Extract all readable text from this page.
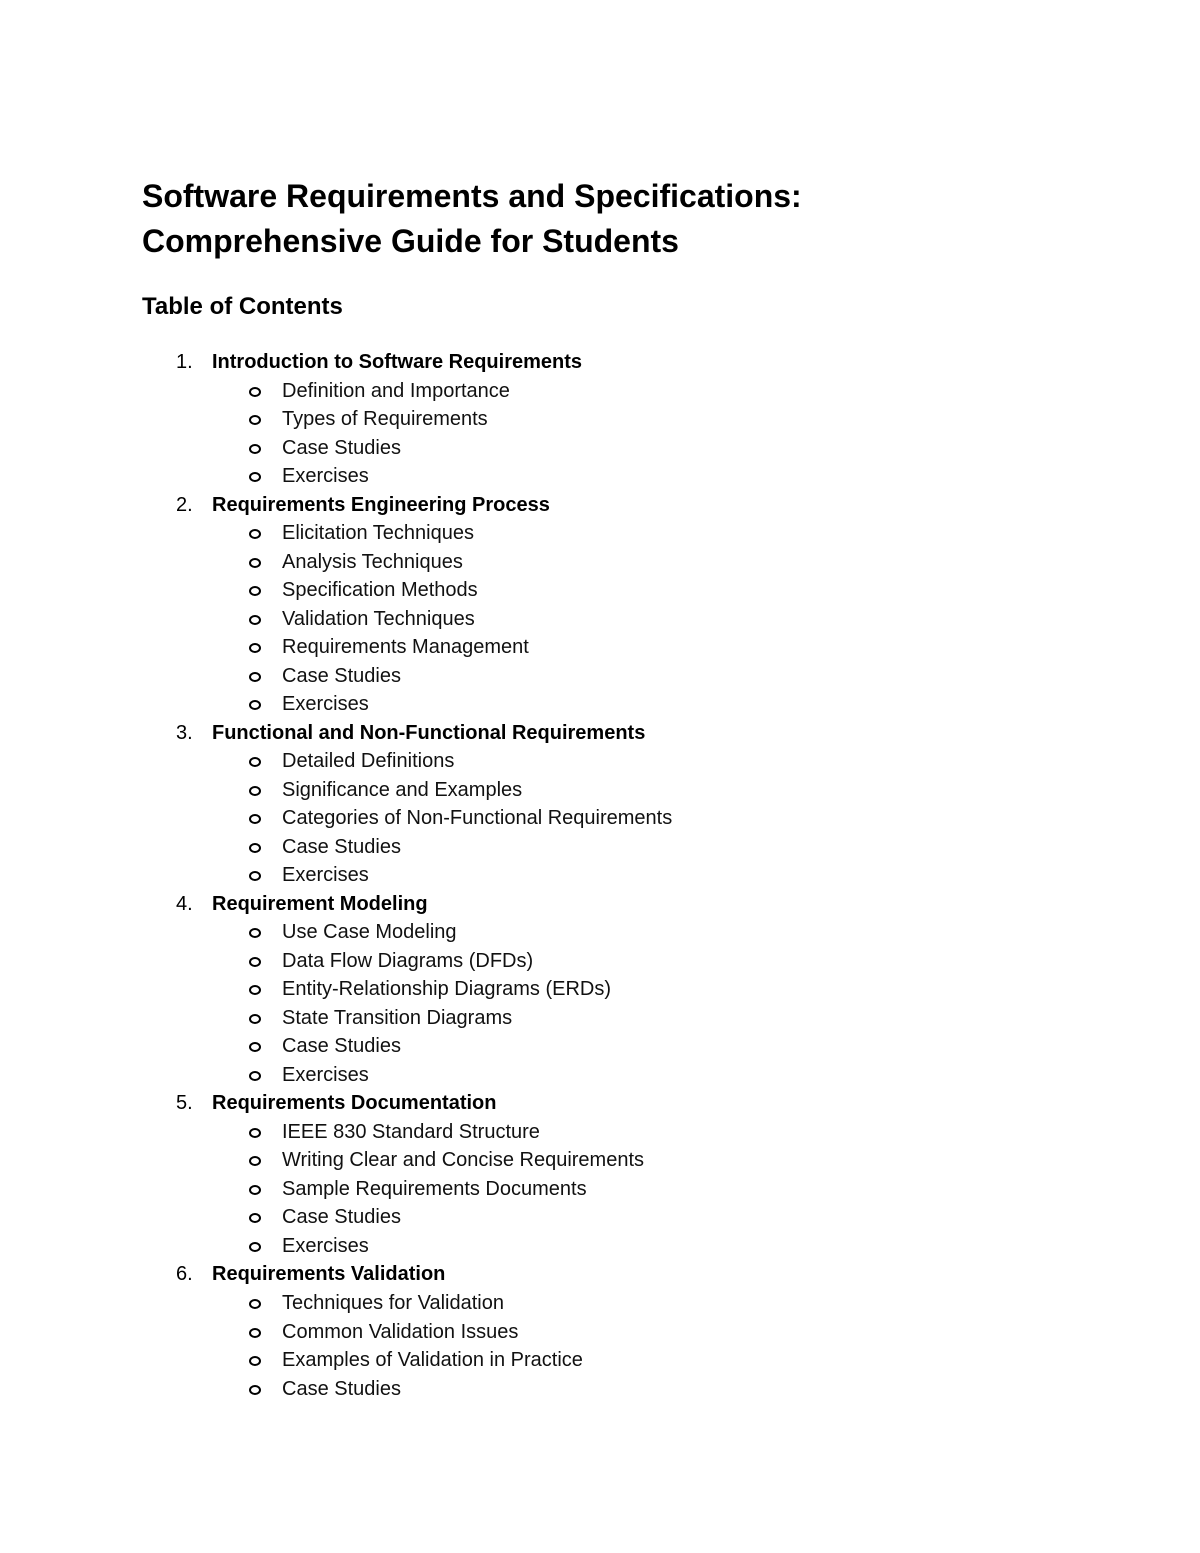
Software Requirements and Specifications:
Comprehensive Guide for Students
Table of Contents
1. Introduction to Software Requirements
Definition and Importance
Types of Requirements
Case Studies
Exercises
2. Requirements Engineering Process
Elicitation Techniques
Analysis Techniques
Specification Methods
Validation Techniques
Requirements Management
Case Studies
Exercises
3. Functional and Non-Functional Requirements
Detailed Definitions
Significance and Examples
Categories of Non-Functional Requirements
Case Studies
Exercises
4. Requirement Modeling
Use Case Modeling
Data Flow Diagrams (DFDs)
Entity-Relationship Diagrams (ERDs)
State Transition Diagrams
Case Studies
Exercises
5. Requirements Documentation
IEEE 830 Standard Structure
Writing Clear and Concise Requirements
Sample Requirements Documents
Case Studies
Exercises
6. Requirements Validation
Techniques for Validation
Common Validation Issues
Examples of Validation in Practice
Case Studies
